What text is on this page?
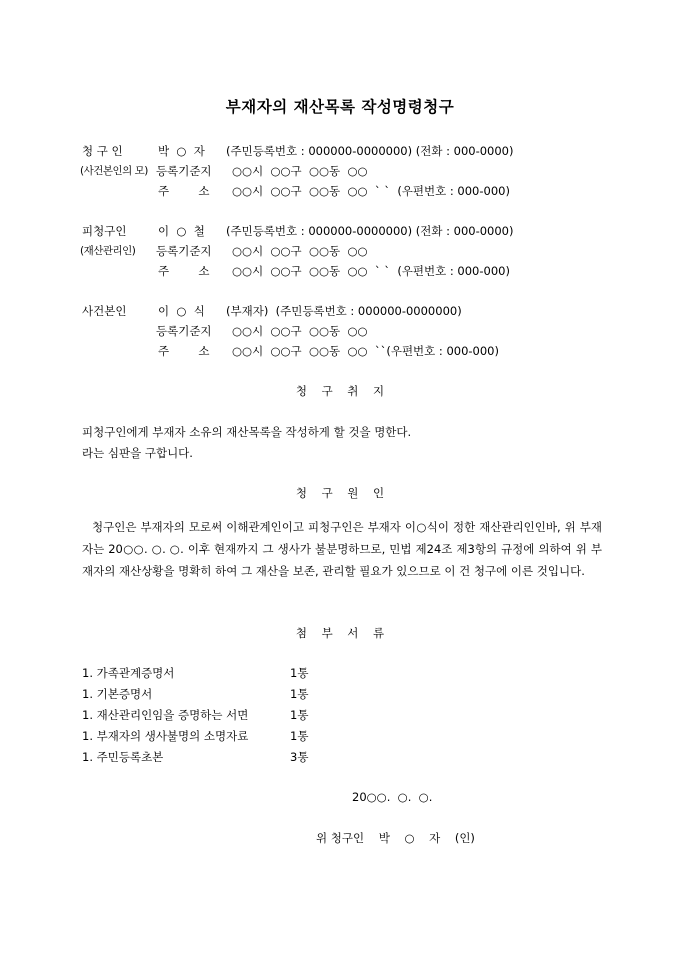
부재자의 재산목록 작성명령청구
청 구 인	박  ○  자 (주민등록번호 : 000000-0000000) (전화 : 000-0000)
(사건본인의 모) 등록기준지 ○○시  ○○구  ○○동  ○○
주        소 ○○시  ○○구  ○○동  ○○  ` `  (우편번호 : 000-000)
피청구인	이  ○  철 (주민등록번호 : 000000-0000000) (전화 : 000-0000)
(재산관리인) 등록기준지 ○○시  ○○구  ○○동  ○○
주        소 ○○시  ○○구  ○○동  ○○  ` `  (우편번호 : 000-000)
사건본인	이  ○  식 (부재자)  (주민등록번호 : 000000-0000000)
등록기준지 ○○시  ○○구  ○○동  ○○
주        소 ○○시  ○○구  ○○동  ○○  ``(우편번호 : 000-000)
청    구    취    지
피청구인에게 부재자 소유의 재산목록을 작성하게 할 것을 명한다.
라는 심판을 구합니다.
청    구    원    인
청구인은 부재자의 모로써 이해관계인이고 피청구인은 부재자 이○식이 정한 재산관리인인바, 위 부재자는 20○○. ○. ○. 이후 현재까지 그 생사가 불분명하므로, 민법 제24조 제3항의 규정에 의하여 위 부재자의 재산상황을 명확히 하여 그 재산을 보존, 관리할 필요가 있으므로 이 건 청구에 이른 것입니다.
첨    부    서    류
1. 가족관계증명서	1통
1. 기본증명서	1통
1. 재산관리인임을 증명하는 서면	1통
1. 부재자의 생사불명의 소명자료	1통
1. 주민등록초본	3통
20○○.  ○.  ○.
위 청구인    박    ○    자    (인)
